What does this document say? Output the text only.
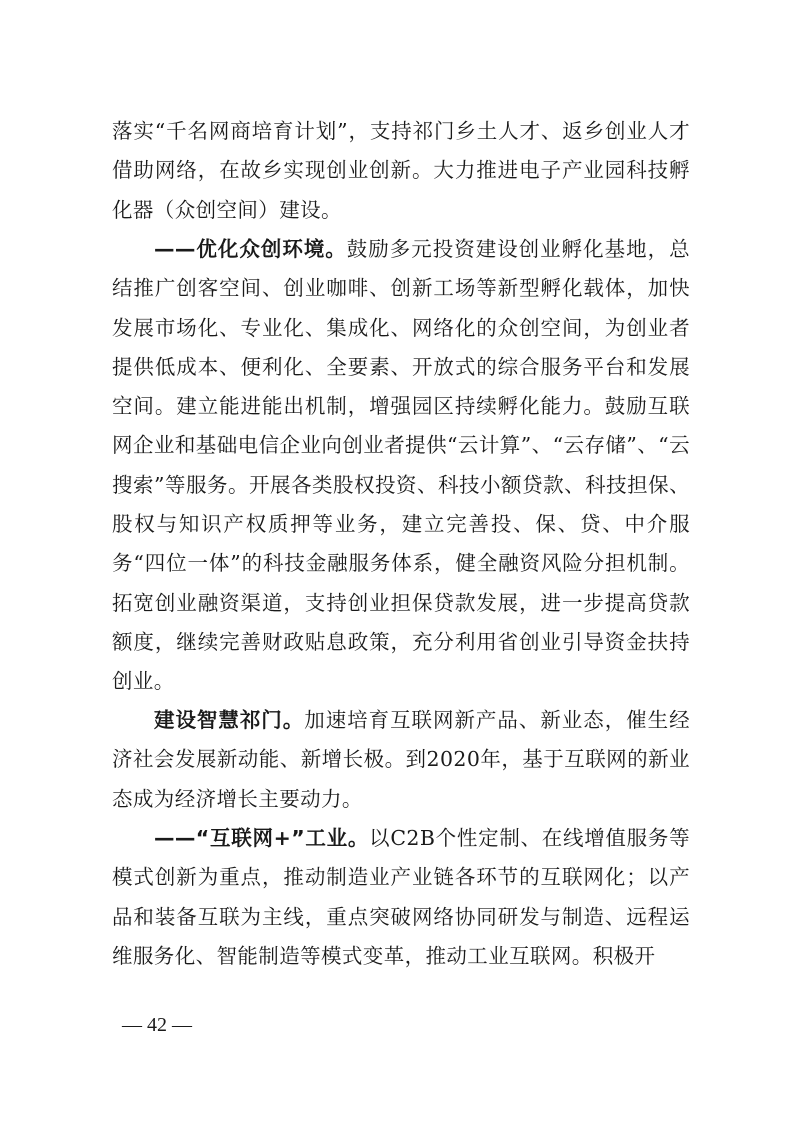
落实“千名网商培育计划”，支持祁门乡土人才、返乡创业人才借助网络，在故乡实现创业创新。大力推进电子产业园科技孵化器（众创空间）建设。

——优化众创环境。鼓励多元投资建设创业孵化基地，总结推广创客空间、创业咖啡、创新工场等新型孵化载体，加快发展市场化、专业化、集成化、网络化的众创空间，为创业者提供低成本、便利化、全要素、开放式的综合服务平台和发展空间。建立能进能出机制，增强园区持续孵化能力。鼓励互联网企业和基础电信企业向创业者提供“云计算”、“云存储”、“云搜索”等服务。开展各类股权投资、科技小额贷款、科技担保、股权与知识产权质押等业务，建立完善投、保、贷、中介服务“四位一体”的科技金融服务体系，健全融资风险分担机制。拓宽创业融资渠道，支持创业担保贷款发展，进一步提高贷款额度，继续完善财政贴息政策，充分利用省创业引导资金扶持创业。

建设智慧祁门。加速培育互联网新产品、新业态，催生经济社会发展新动能、新增长极。到2020年，基于互联网的新业态成为经济增长主要动力。

——“互联网+”工业。以C2B个性定制、在线增值服务等模式创新为重点，推动制造业产业链各环节的互联网化；以产品和装备互联为主线，重点突破网络协同研发与制造、远程运维服务化、智能制造等模式变革，推动工业互联网。积极开

— 42 —
